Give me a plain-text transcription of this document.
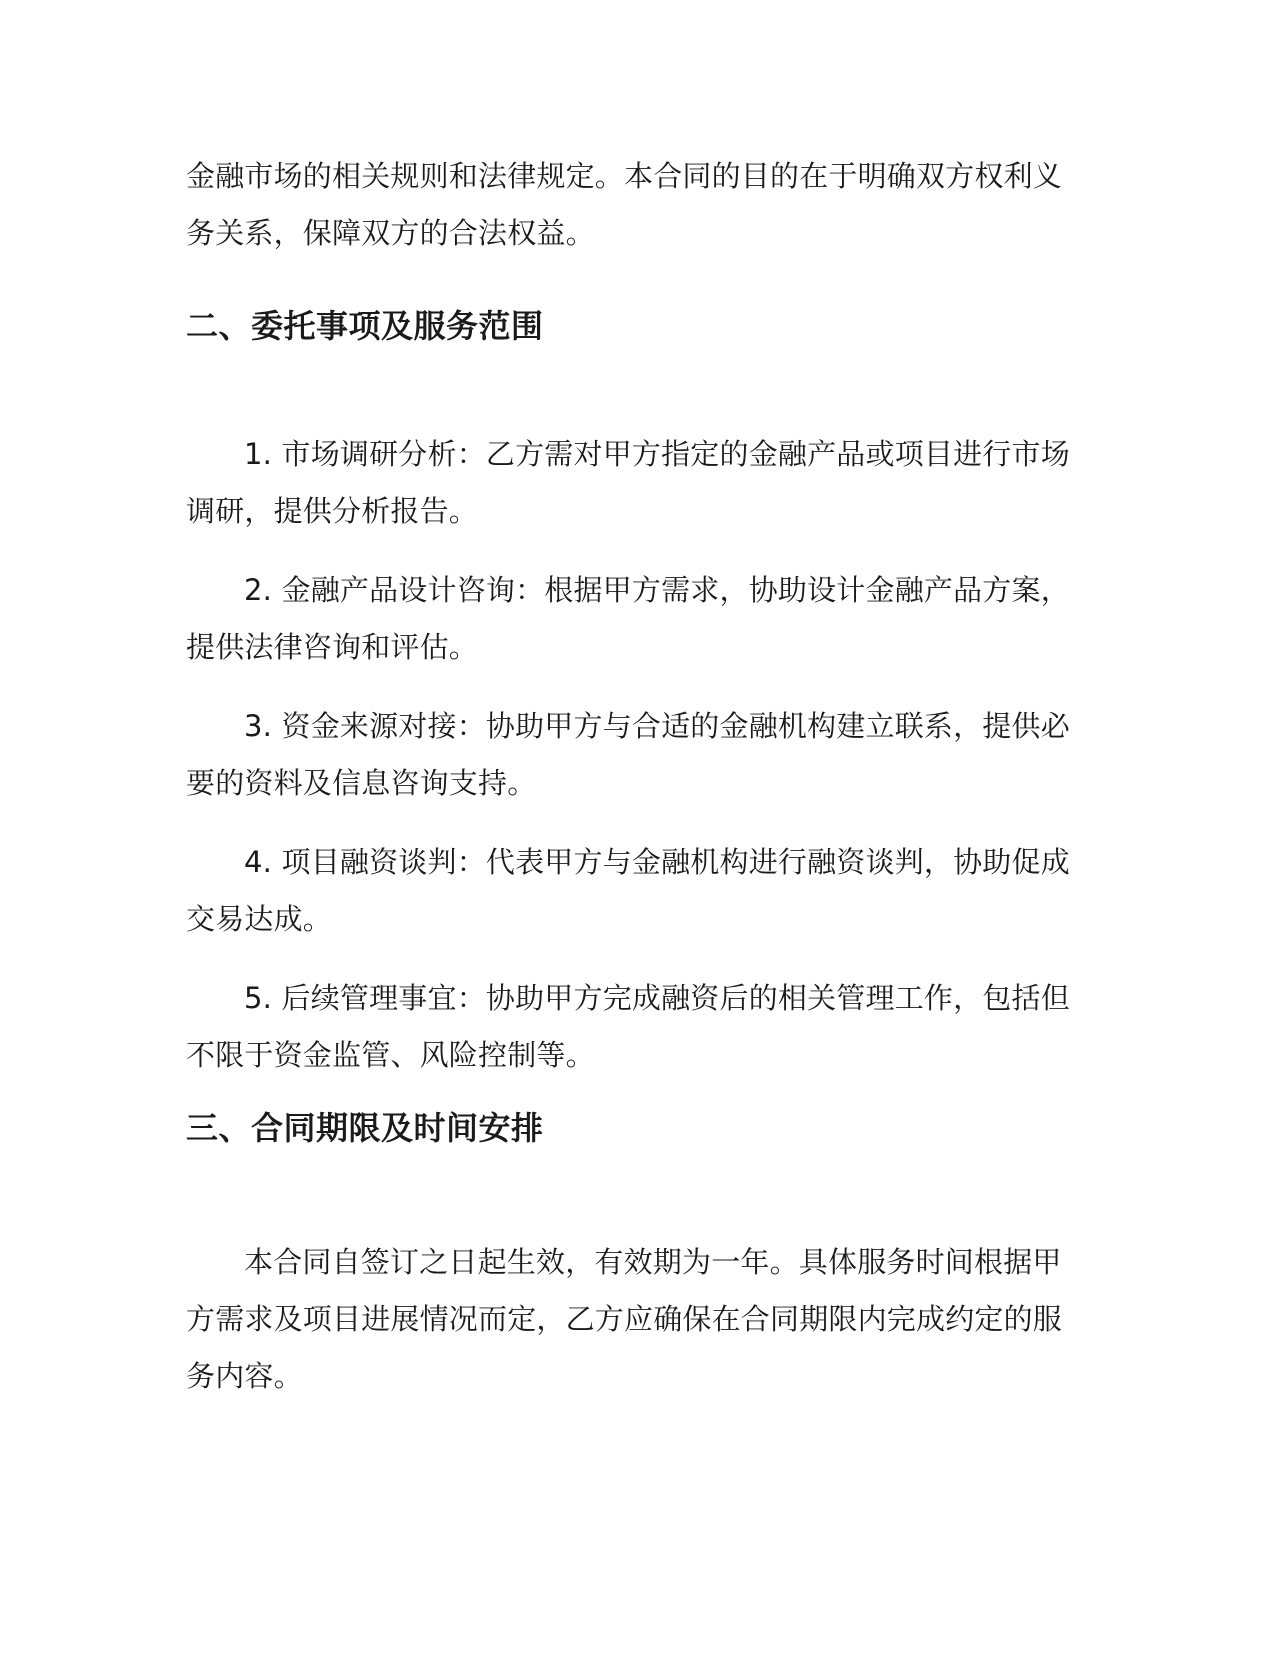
金融市场的相关规则和法律规定。本合同的目的在于明确双方权利义务关系，保障双方的合法权益。

二、委托事项及服务范围

1. 市场调研分析：乙方需对甲方指定的金融产品或项目进行市场调研，提供分析报告。

2. 金融产品设计咨询：根据甲方需求，协助设计金融产品方案，提供法律咨询和评估。

3. 资金来源对接：协助甲方与合适的金融机构建立联系，提供必要的资料及信息咨询支持。

4. 项目融资谈判：代表甲方与金融机构进行融资谈判，协助促成交易达成。

5. 后续管理事宜：协助甲方完成融资后的相关管理工作，包括但不限于资金监管、风险控制等。

三、合同期限及时间安排

本合同自签订之日起生效，有效期为一年。具体服务时间根据甲方需求及项目进展情况而定，乙方应确保在合同期限内完成约定的服务内容。
